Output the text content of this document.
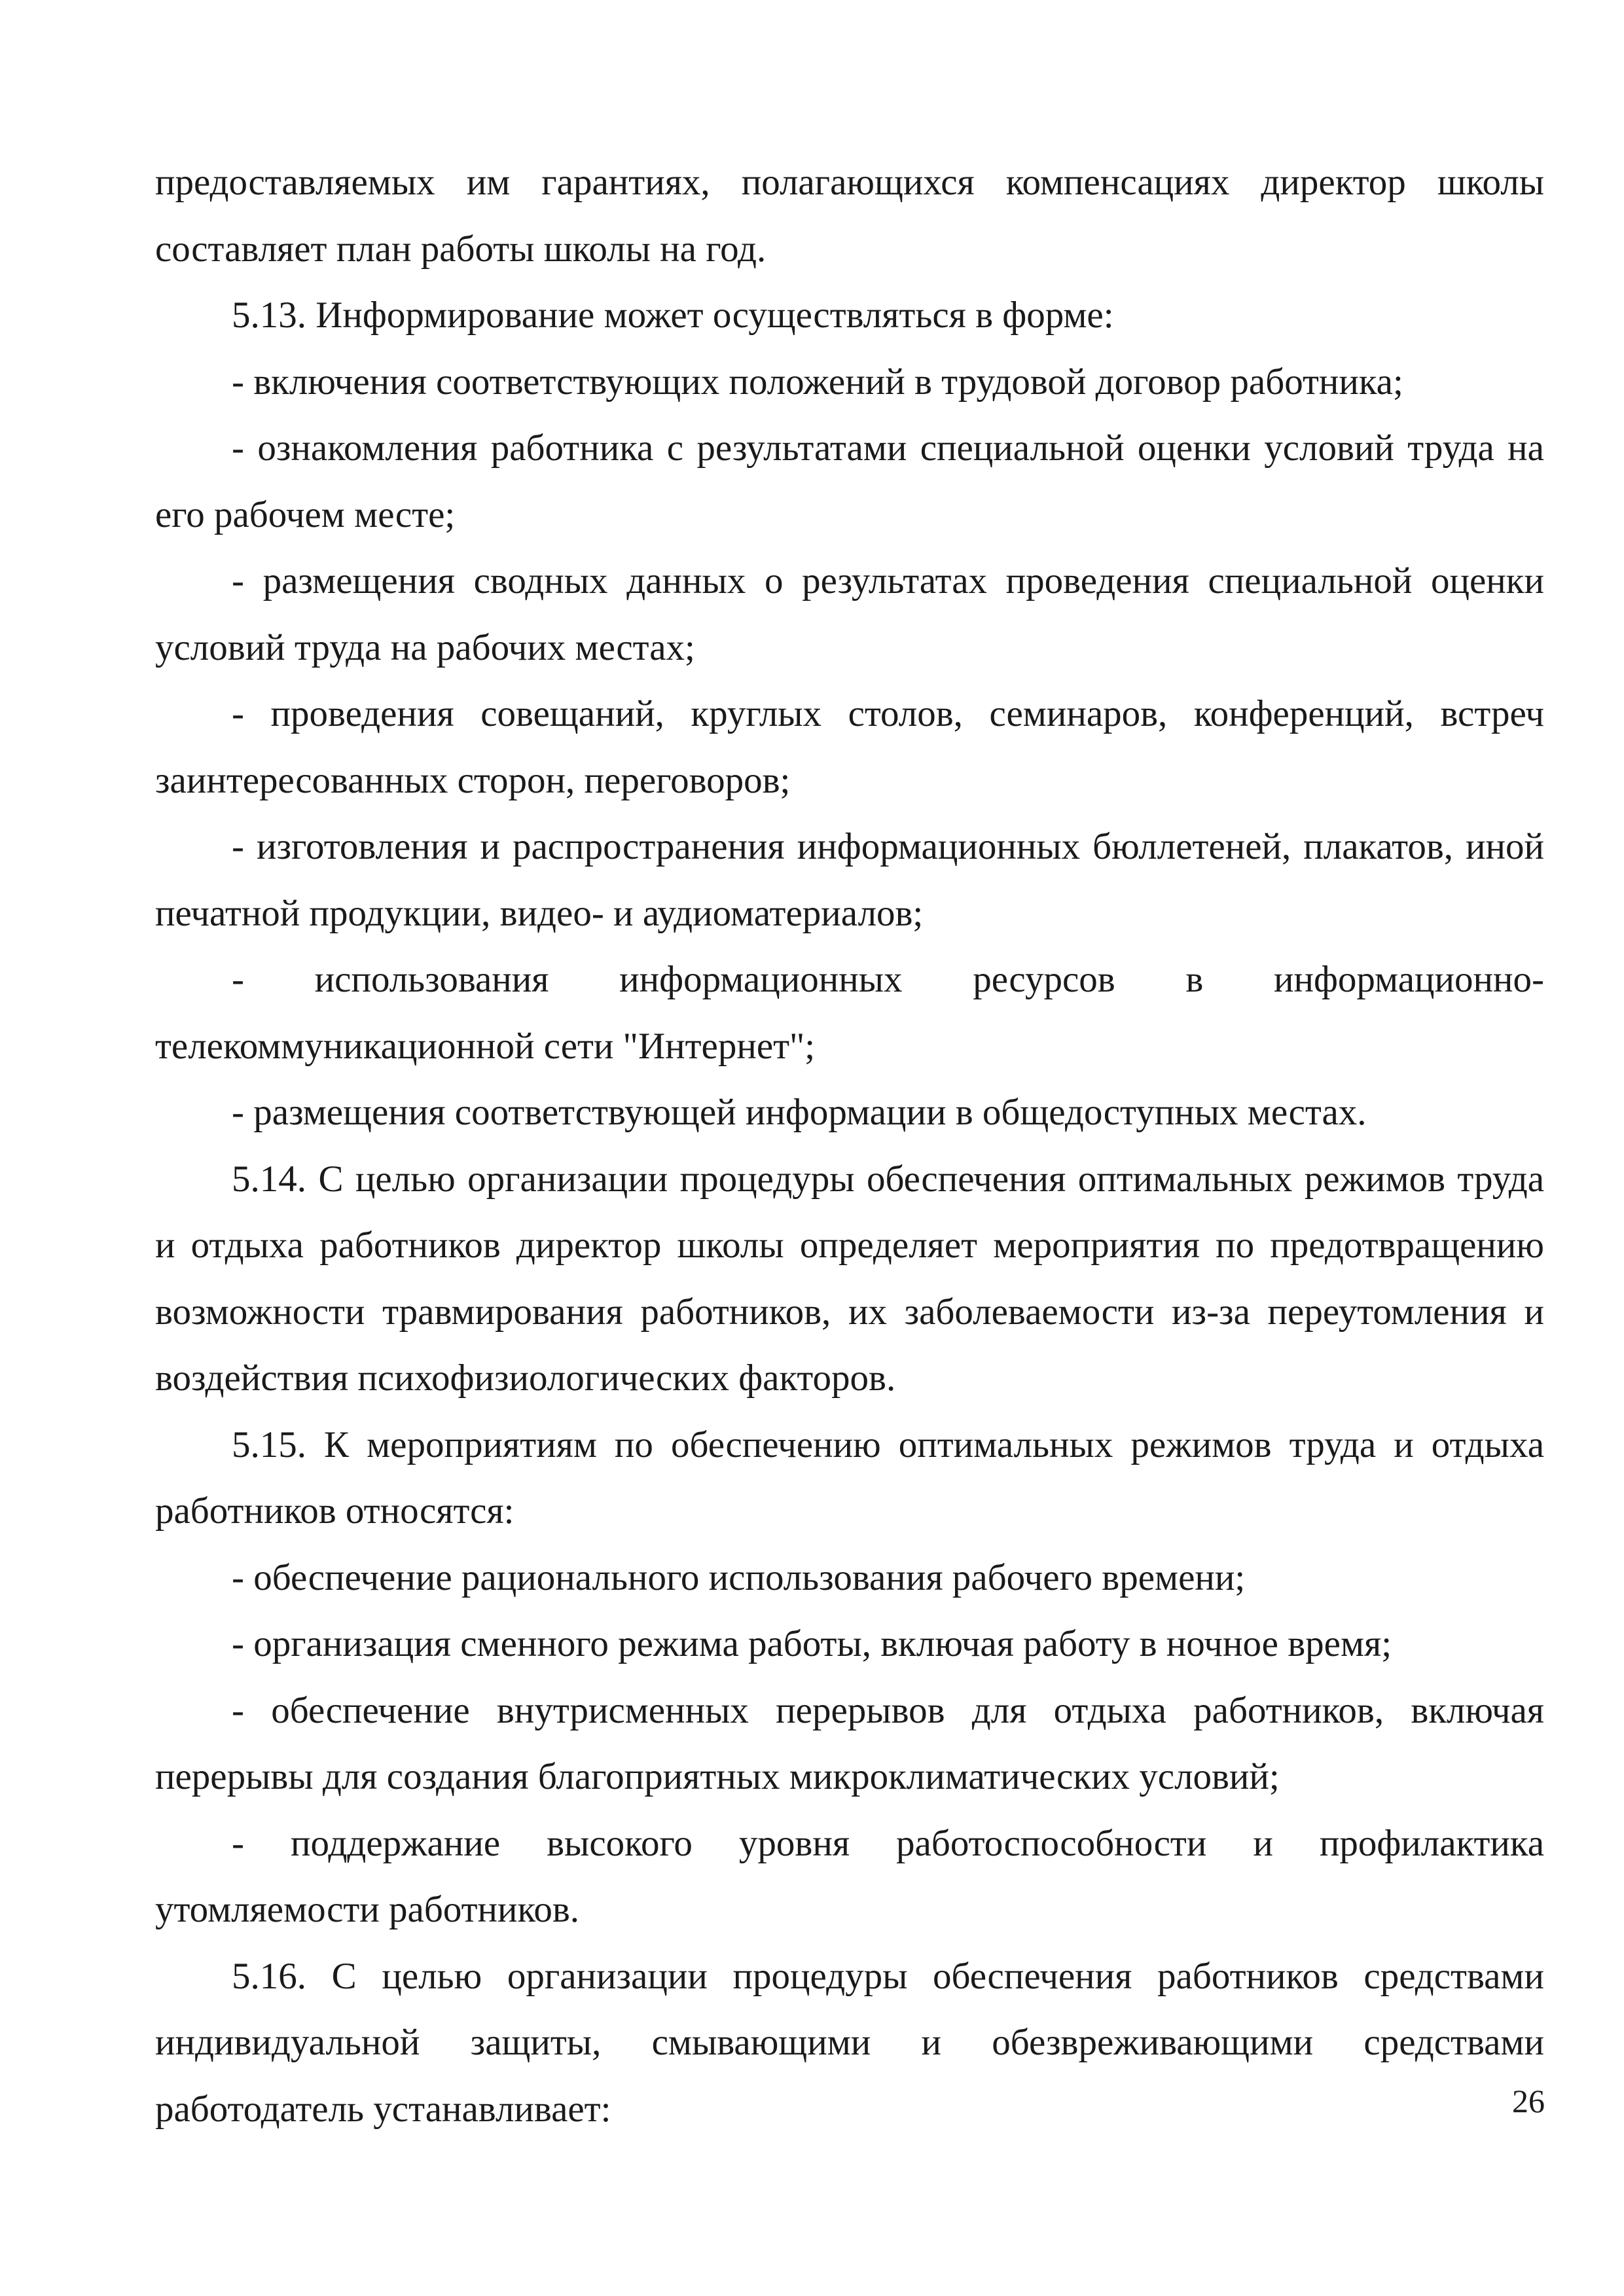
предоставляемых им гарантиях, полагающихся компенсациях директор школы составляет план работы школы на год.

5.13. Информирование может осуществляться в форме:

- включения соответствующих положений в трудовой договор работника;

- ознакомления работника с результатами специальной оценки условий труда на его рабочем месте;

- размещения сводных данных о результатах проведения специальной оценки условий труда на рабочих местах;

- проведения совещаний, круглых столов, семинаров, конференций, встреч заинтересованных сторон, переговоров;

- изготовления и распространения информационных бюллетеней, плакатов, иной печатной продукции, видео- и аудиоматериалов;

- использования информационных ресурсов в информационно-телекоммуникационной сети "Интернет";

- размещения соответствующей информации в общедоступных местах.

5.14. С целью организации процедуры обеспечения оптимальных режимов труда и отдыха работников директор школы определяет мероприятия по предотвращению возможности травмирования работников, их заболеваемости из-за переутомления и воздействия психофизиологических факторов.

5.15. К мероприятиям по обеспечению оптимальных режимов труда и отдыха работников относятся:

- обеспечение рационального использования рабочего времени;

- организация сменного режима работы, включая работу в ночное время;

- обеспечение внутрисменных перерывов для отдыха работников, включая перерывы для создания благоприятных микроклиматических условий;

- поддержание высокого уровня работоспособности и профилактика утомляемости работников.

5.16. С целью организации процедуры обеспечения работников средствами индивидуальной защиты, смывающими и обезвреживающими средствами работодатель устанавливает:	26
